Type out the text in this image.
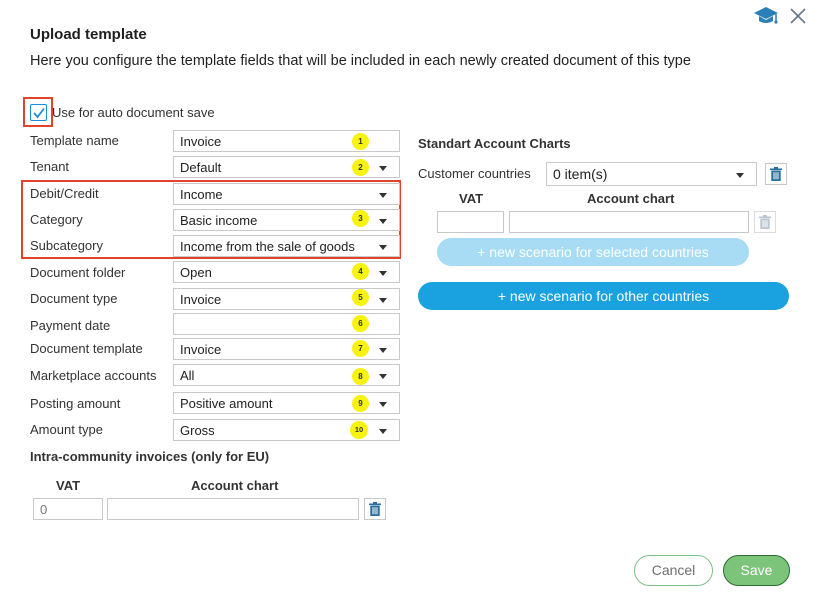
Upload template
Here you configure the template fields that will be included in each newly created document of this type
Use for auto document save
Template name	Invoice	1
Tenant	Default	2
Debit/Credit	Income
Category	Basic income	3
Subcategory	Income from the sale of goods
Document folder	Open	4
Document type	Invoice	5
Payment date	6
Document template	Invoice	7
Marketplace accounts	All	8
Posting amount	Positive amount	9
Amount type	Gross	10
Intra-community invoices (only for EU)
VAT	Account chart
0
Standart Account Charts
Customer countries	0 item(s)
VAT	Account chart
+ new scenario for selected countries
+ new scenario for other countries
Cancel	Save
